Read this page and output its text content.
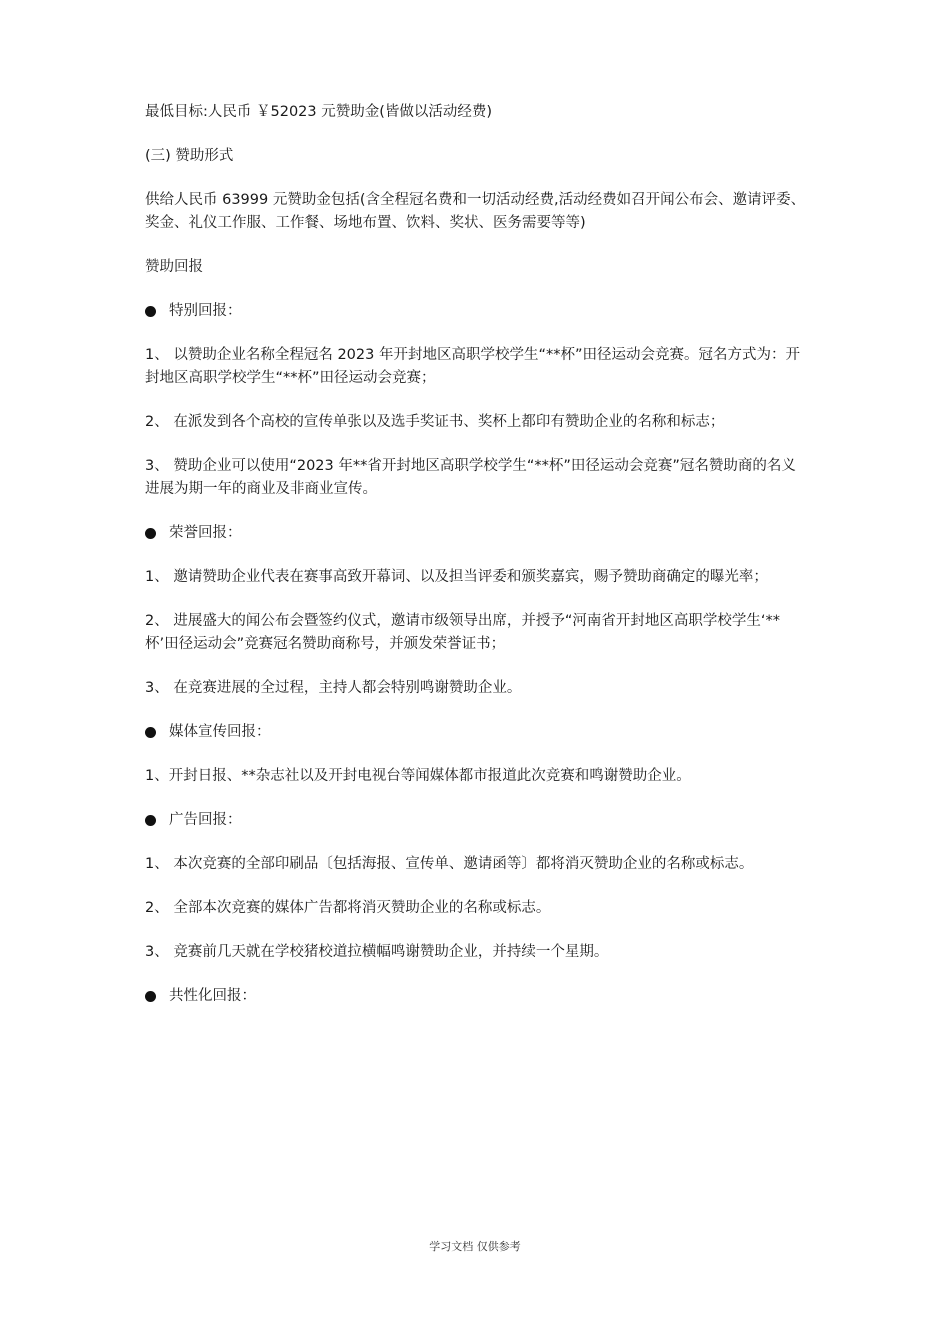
最低目标:人民币 ￥52023 元赞助金(皆做以活动经费)

(三) 赞助形式

供给人民币 63999 元赞助金包括(含全程冠名费和一切活动经费,活动经费如召开闻公布会、邀请评委、奖金、礼仪工作服、工作餐、场地布置、饮料、奖状、医务需要等等)

赞助回报

特别回报：

1、 以赞助企业名称全程冠名 2023 年开封地区高职学校学生“**杯”田径运动会竞赛。冠名方式为：开封地区高职学校学生“**杯”田径运动会竞赛；

2、 在派发到各个高校的宣传单张以及选手奖证书、奖杯上都印有赞助企业的名称和标志；

3、 赞助企业可以使用“2023 年**省开封地区高职学校学生“**杯”田径运动会竞赛”冠名赞助商的名义进展为期一年的商业及非商业宣传。

荣誉回报：

1、 邀请赞助企业代表在赛事高致开幕词、以及担当评委和颁奖嘉宾，赐予赞助商确定的曝光率；

2、 进展盛大的闻公布会暨签约仪式，邀请市级领导出席，并授予“河南省开封地区高职学校学生‘**杯’田径运动会”竞赛冠名赞助商称号，并颁发荣誉证书；

3、 在竞赛进展的全过程，主持人都会特别鸣谢赞助企业。

媒体宣传回报：

1、开封日报、**杂志社以及开封电视台等闻媒体都市报道此次竞赛和鸣谢赞助企业。

广告回报：

1、 本次竞赛的全部印刷品〔包括海报、宣传单、邀请函等〕都将消灭赞助企业的名称或标志。

2、 全部本次竞赛的媒体广告都将消灭赞助企业的名称或标志。

3、 竞赛前几天就在学校猪校道拉横幅鸣谢赞助企业，并持续一个星期。

共性化回报：

学习文档 仅供参考
